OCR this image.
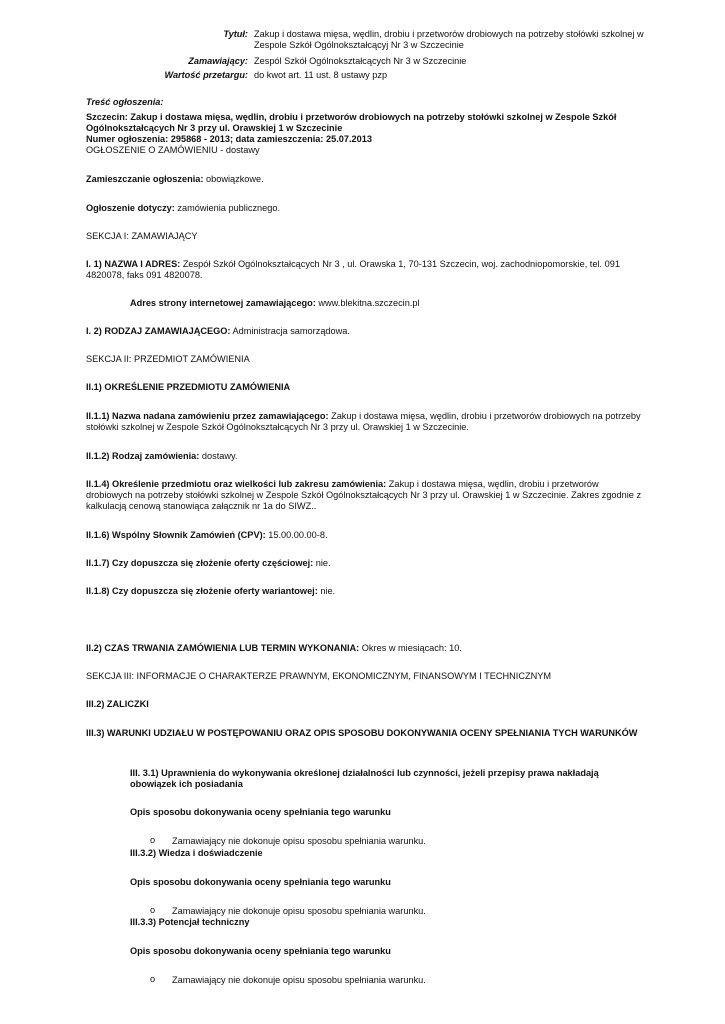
Tytuł: Zakup i dostawa mięsa, wędlin, drobiu i przetworów drobiowych na potrzeby stołówki szkolnej w Zespole Szkół Ogólnokształcącyj Nr 3 w Szczecinie
Zamawiający: Zespól Szkół Ogólnokształcących Nr 3 w Szczecinie
Wartość przetargu: do kwot art. 11 ust. 8 ustawy pzp
Treść ogłoszenia:
Szczecin: Zakup i dostawa mięsa, wędlin, drobiu i przetworów drobiowych na potrzeby stołówki szkolnej w Zespole Szkół Ogólnokształcących Nr 3 przy ul. Orawskiej 1 w Szczecinie
Numer ogłoszenia: 295868 - 2013; data zamieszczenia: 25.07.2013
OGŁOSZENIE O ZAMÓWIENIU - dostawy
Zamieszczanie ogłoszenia: obowiązkowe.
Ogłoszenie dotyczy: zamówienia publicznego.
SEKCJA I: ZAMAWIAJĄCY
I. 1) NAZWA I ADRES: Zespół Szkół Ogólnokształcących Nr 3 , ul. Orawska 1, 70-131 Szczecin, woj. zachodniopomorskie, tel. 091 4820078, faks 091 4820078.
Adres strony internetowej zamawiającego: www.blekitna.szczecin.pl
I. 2) RODZAJ ZAMAWIAJĄCEGO: Administracja samorządowa.
SEKCJA II: PRZEDMIOT ZAMÓWIENIA
II.1) OKREŚLENIE PRZEDMIOTU ZAMÓWIENIA
II.1.1) Nazwa nadana zamówieniu przez zamawiającego: Zakup i dostawa mięsa, wędlin, drobiu i przetworów drobiowych na potrzeby stołówki szkolnej w Zespole Szkół Ogólnokształcących Nr 3 przy ul. Orawskiej 1 w Szczecinie.
II.1.2) Rodzaj zamówienia: dostawy.
II.1.4) Określenie przedmiotu oraz wielkości lub zakresu zamówienia: Zakup i dostawa mięsa, wędlin, drobiu i przetworów drobiowych na potrzeby stołówki szkolnej w Zespole Szkół Ogólnokształcących Nr 3 przy ul. Orawskiej 1 w Szczecinie. Zakres zgodnie z kalkulacją cenową stanowiąca załącznik nr 1a do SIWZ..
II.1.6) Wspólny Słownik Zamówień (CPV): 15.00.00.00-8.
II.1.7) Czy dopuszcza się złożenie oferty częściowej: nie.
II.1.8) Czy dopuszcza się złożenie oferty wariantowej: nie.
II.2) CZAS TRWANIA ZAMÓWIENIA LUB TERMIN WYKONANIA: Okres w miesiącach: 10.
SEKCJA III: INFORMACJE O CHARAKTERZE PRAWNYM, EKONOMICZNYM, FINANSOWYM I TECHNICZNYM
III.2) ZALICZKI
III.3) WARUNKI UDZIAŁU W POSTĘPOWANIU ORAZ OPIS SPOSOBU DOKONYWANIA OCENY SPEŁNIANIA TYCH WARUNKÓW
III. 3.1) Uprawnienia do wykonywania określonej działalności lub czynności, jeżeli przepisy prawa nakładają obowiązek ich posiadania
Opis sposobu dokonywania oceny spełniania tego warunku
o Zamawiający nie dokonuje opisu sposobu spełniania warunku.
III.3.2) Wiedza i doświadczenie
Opis sposobu dokonywania oceny spełniania tego warunku
o Zamawiający nie dokonuje opisu sposobu spełniania warunku.
III.3.3) Potencjał techniczny
Opis sposobu dokonywania oceny spełniania tego warunku
o Zamawiający nie dokonuje opisu sposobu spełniania warunku.
